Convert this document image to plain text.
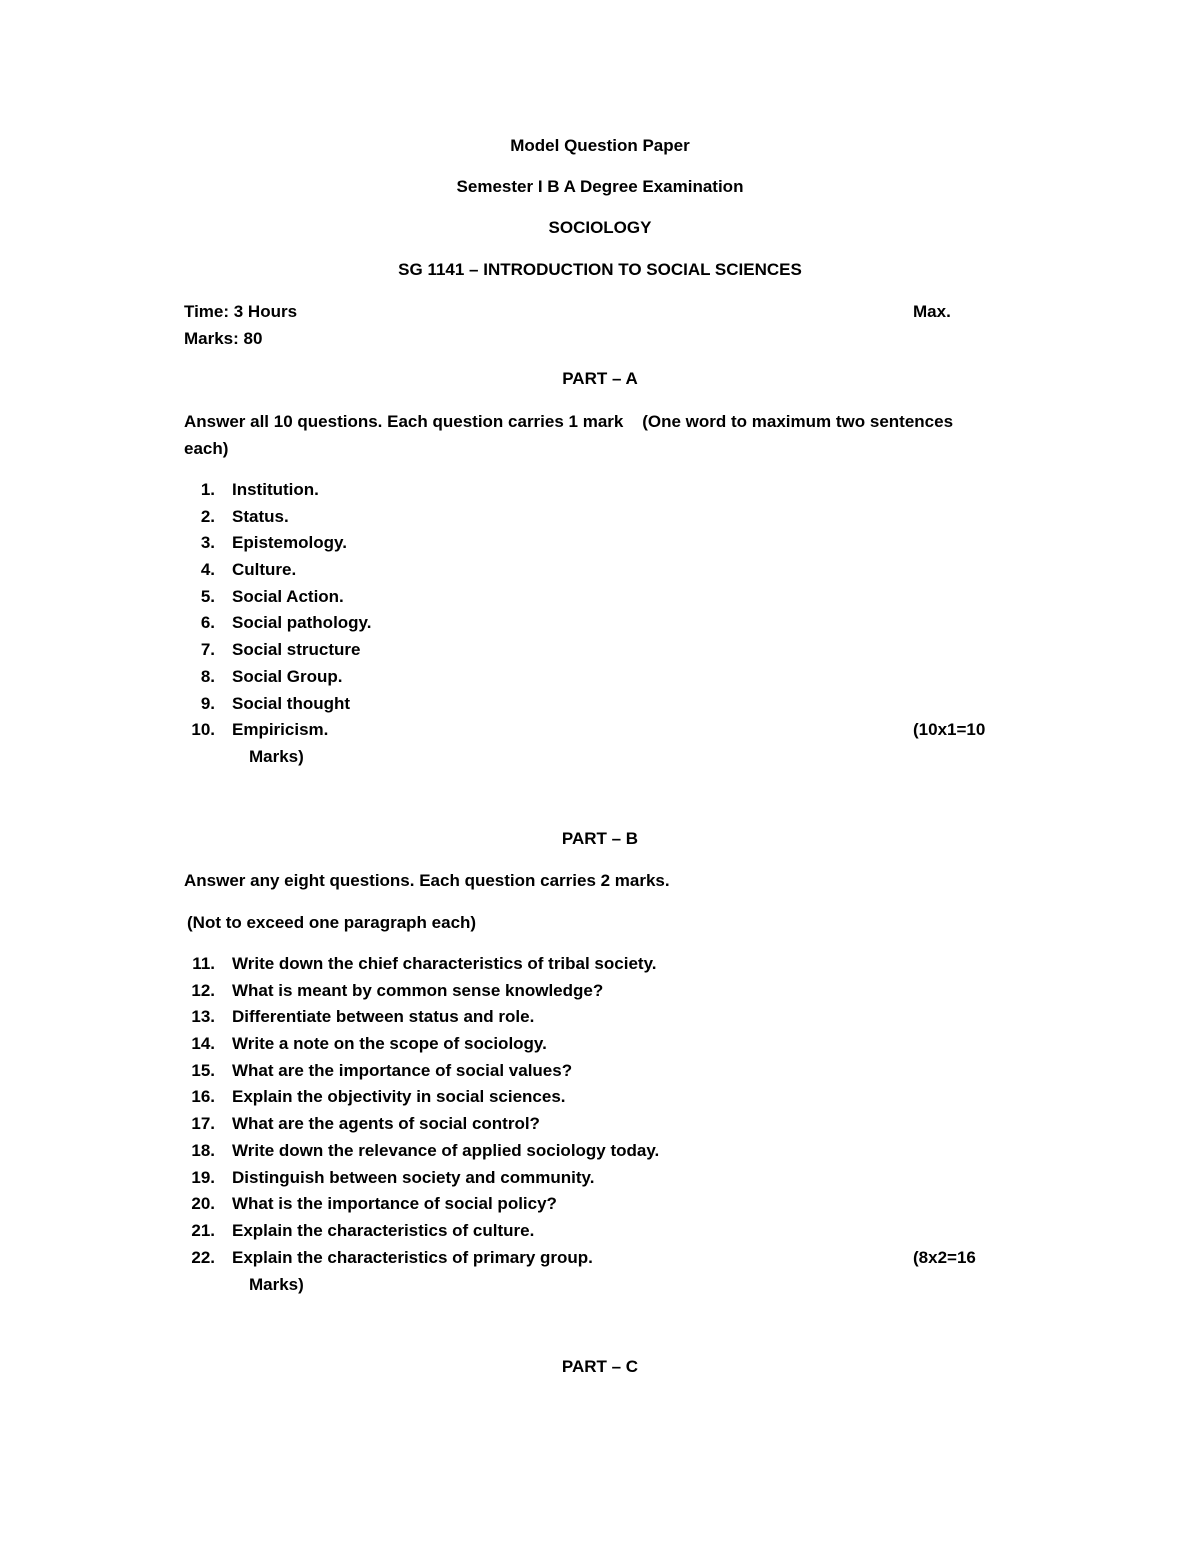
Model Question Paper
Semester I B A Degree Examination
SOCIOLOGY
SG 1141 – INTRODUCTION TO SOCIAL SCIENCES
Time: 3 Hours	Max.
Marks: 80
PART – A
Answer all 10 questions. Each question carries 1 mark    (One word to maximum two sentences
each)
1. Institution.
2. Status.
3. Epistemology.
4. Culture.
5. Social Action.
6. Social pathology.
7. Social structure
8. Social Group.
9. Social thought
10. Empiricism.	(10x1=10
Marks)
PART – B
Answer any eight questions. Each question carries 2 marks.
(Not to exceed one paragraph each)
11. Write down the chief characteristics of tribal society.
12. What is meant by common sense knowledge?
13. Differentiate between status and role.
14. Write a note on the scope of sociology.
15. What are the importance of social values?
16. Explain the objectivity in social sciences.
17. What are the agents of social control?
18. Write down the relevance of applied sociology today.
19. Distinguish between society and community.
20. What is the importance of social policy?
21. Explain the characteristics of culture.
22. Explain the characteristics of primary group.	(8x2=16
Marks)
PART – C
